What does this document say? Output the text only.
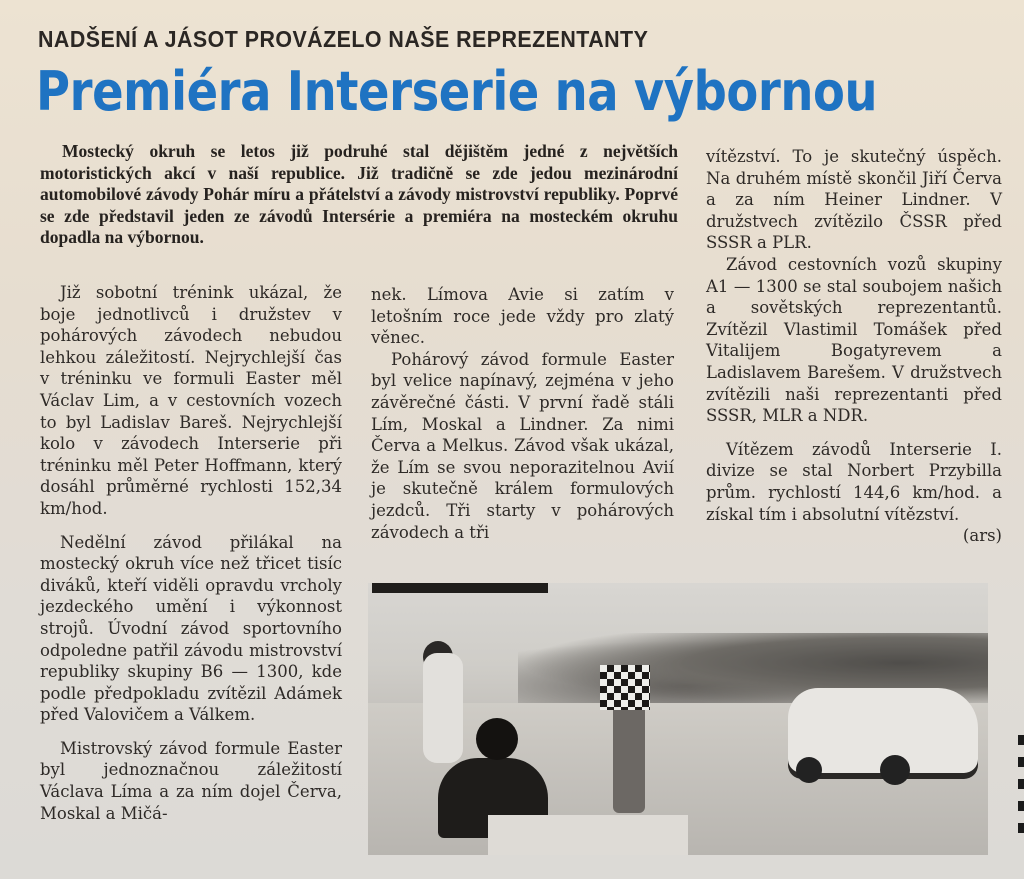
NADŠENÍ A JÁSOT PROVÁZELO NAŠE REPREZENTANTY
Premiéra Interserie na výbornou
Mostecký okruh se letos již podruhé stal dějištěm jedné z největších motoristických akcí v naší republice. Již tradičně se zde jedou mezinárodní automobilové závody Pohár míru a přátelství a závody mistrovství republiky. Poprvé se zde představil jeden ze závodů Intersérie a premiéra na mosteckém okruhu dopadla na výbornou.

Již sobotní trénink ukázal, že boje jednotlivců i družstev v pohárových závodech nebudou lehkou záležitostí. Nejrychlejší čas v tréninku ve formuli Easter měl Václav Lim, a v cestovních vozech to byl Ladislav Bareš. Nejrychlejší kolo v závodech Interserie při tréninku měl Peter Hoffmann, který dosáhl průměrné rychlosti 152,34 km/hod.

Nedělní závod přilákal na mostecký okruh více než třicet tisíc diváků, kteří viděli opravdu vrcholy jezdeckého umění i výkonnost strojů. Úvodní závod sportovního odpoledne patřil závodu mistrovství republiky skupiny B6 — 1300, kde podle předpokladu zvítězil Adámek před Valovičem a Válkem.

Mistrovský závod formule Easter byl jednoznačnou záležitostí Václava Líma a za ním dojel Červa, Moskal a Mičá-

nek. Límova Avie si zatím v letošním roce jede vždy pro zlatý věnec.

Pohárový závod formule Easter byl velice napínavý, zejména v jeho závěrečné části. V první řadě stáli Lím, Moskal a Lindner. Za nimi Červa a Melkus. Závod však ukázal, že Lím se svou neporazitelnou Avií je skutečně králem formulových jezdců. Tři starty v pohárových závodech a tři

vítězství. To je skutečný úspěch. Na druhém místě skončil Jiří Červa a za ním Heiner Lindner. V družstvech zvítězilo ČSSR před SSSR a PLR.

Závod cestovních vozů skupiny A1 — 1300 se stal soubojem našich a sovětských reprezentantů. Zvítězil Vlastimil Tomášek před Vitalijem Bogatyrevem a Ladislavem Barešem. V družstvech zvítězili naši reprezentanti před SSSR, MLR a NDR.

Vítězem závodů Interserie I. divize se stal Norbert Przybilla prům. rychlostí 144,6 km/hod. a získal tím i absolutní vítězství.
(ars)
